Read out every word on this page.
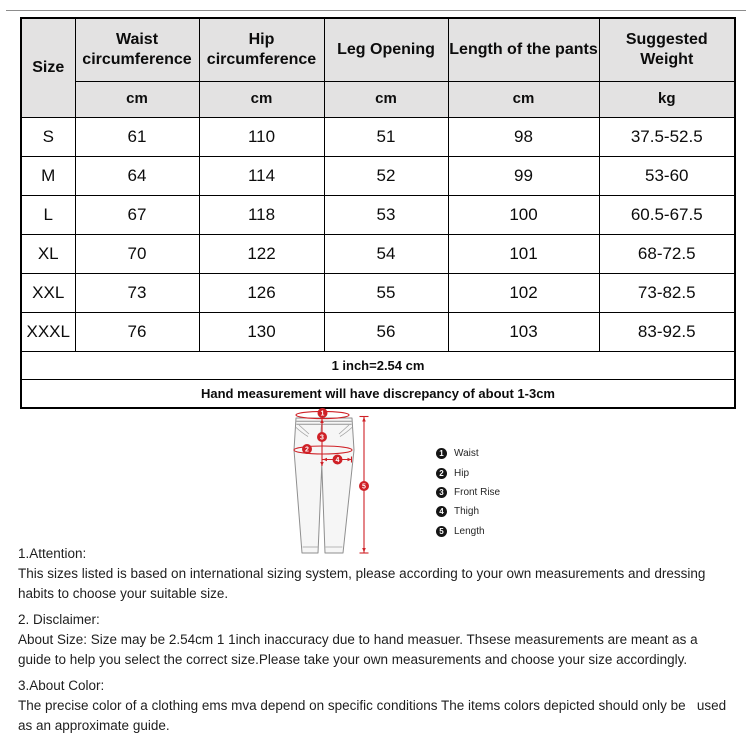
Size	Waist circumference	Hip circumference	Leg Opening	Length of the pants	Suggested Weight
	cm	cm	cm	cm	kg
S	61	110	51	98	37.5-52.5
M	64	114	52	99	53-60
L	67	118	53	100	60.5-67.5
XL	70	122	54	101	68-72.5
XXL	73	126	55	102	73-82.5
XXXL	76	130	56	103	83-92.5
1 inch=2.54 cm					
Hand measurement will have discrepancy of about 1-3cm					
1
3
2
4
5
1	Waist
2	Hip
3	Front Rise
4	Thigh
5	Length
1.Attention:
This sizes listed is based on international sizing system, please according to your own measurements and dressing
habits to choose your suitable size.
2. Disclaimer:
About Size: Size may be 2.54cm 1 1inch inaccuracy due to hand measuer. Thsese measurements are meant as a
guide to help you select the correct size.Please take your own measurements and choose your size accordingly.
3.About Color:
The precise color of a clothing ems mva depend on specific conditions The items colors depicted should only be   used
as an approximate guide.
